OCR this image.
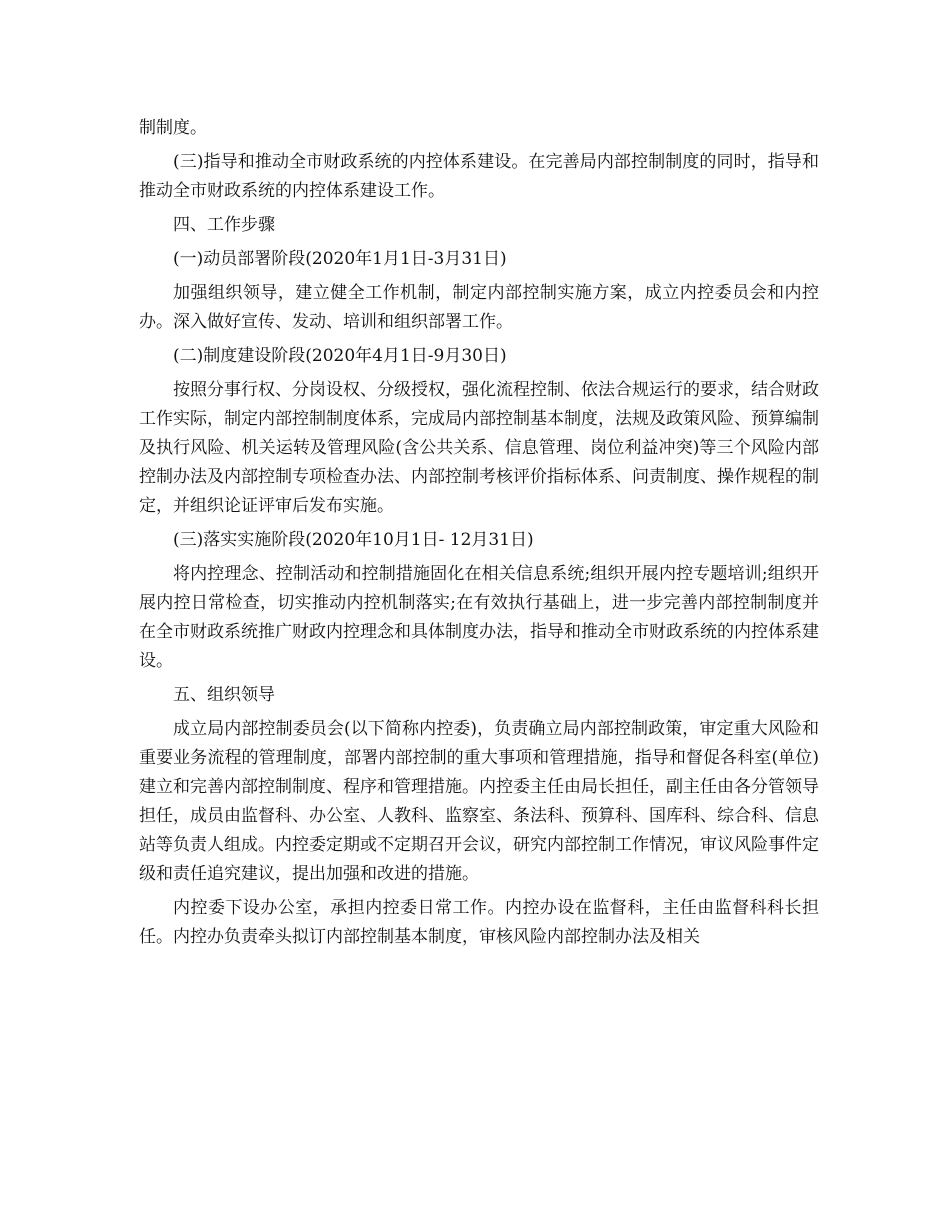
制制度。

(三)指导和推动全市财政系统的内控体系建设。在完善局内部控制制度的同时，指导和推动全市财政系统的内控体系建设工作。

四、工作步骤

(一)动员部署阶段(2020年1月1日-3月31日)

加强组织领导，建立健全工作机制，制定内部控制实施方案，成立内控委员会和内控办。深入做好宣传、发动、培训和组织部署工作。

(二)制度建设阶段(2020年4月1日-9月30日)

按照分事行权、分岗设权、分级授权，强化流程控制、依法合规运行的要求，结合财政工作实际，制定内部控制制度体系，完成局内部控制基本制度，法规及政策风险、预算编制及执行风险、机关运转及管理风险(含公共关系、信息管理、岗位利益冲突)等三个风险内部控制办法及内部控制专项检查办法、内部控制考核评价指标体系、问责制度、操作规程的制定，并组织论证评审后发布实施。

(三)落实实施阶段(2020年10月1日- 12月31日)

将内控理念、控制活动和控制措施固化在相关信息系统;组织开展内控专题培训;组织开展内控日常检查，切实推动内控机制落实;在有效执行基础上，进一步完善内部控制制度并在全市财政系统推广财政内控理念和具体制度办法，指导和推动全市财政系统的内控体系建设。

五、组织领导

成立局内部控制委员会(以下简称内控委)，负责确立局内部控制政策，审定重大风险和重要业务流程的管理制度，部署内部控制的重大事项和管理措施，指导和督促各科室(单位)建立和完善内部控制制度、程序和管理措施。内控委主任由局长担任，副主任由各分管领导担任，成员由监督科、办公室、人教科、监察室、条法科、预算科、国库科、综合科、信息站等负责人组成。内控委定期或不定期召开会议，研究内部控制工作情况，审议风险事件定级和责任追究建议，提出加强和改进的措施。

内控委下设办公室，承担内控委日常工作。内控办设在监督科，主任由监督科科长担任。内控办负责牵头拟订内部控制基本制度，审核风险内部控制办法及相关
